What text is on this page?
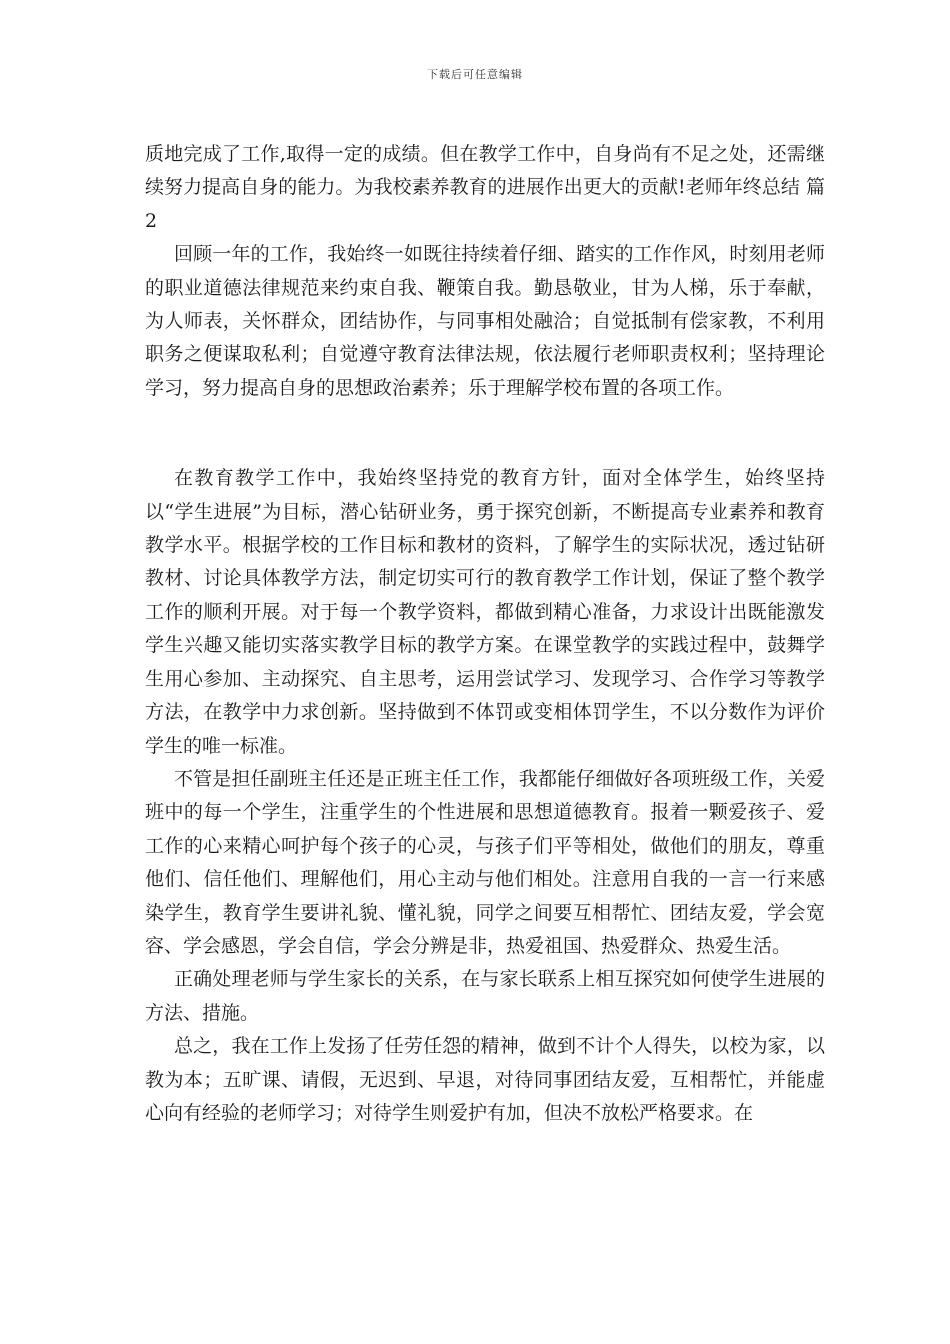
下载后可任意编辑

质地完成了工作,取得一定的成绩。但在教学工作中，自身尚有不足之处，还需继续努力提高自身的能力。为我校素养教育的进展作出更大的贡献!老师年终总结 篇2

回顾一年的工作，我始终一如既往持续着仔细、踏实的工作作风，时刻用老师的职业道德法律规范来约束自我、鞭策自我。勤恳敬业，甘为人梯，乐于奉献，为人师表，关怀群众，团结协作，与同事相处融洽；自觉抵制有偿家教，不利用职务之便谋取私利；自觉遵守教育法律法规，依法履行老师职责权利；坚持理论学习，努力提高自身的思想政治素养；乐于理解学校布置的各项工作。

在教育教学工作中，我始终坚持党的教育方针，面对全体学生，始终坚持以“学生进展”为目标，潜心钻研业务，勇于探究创新，不断提高专业素养和教育教学水平。根据学校的工作目标和教材的资料，了解学生的实际状况，透过钻研教材、讨论具体教学方法，制定切实可行的教育教学工作计划，保证了整个教学工作的顺利开展。对于每一个教学资料，都做到精心准备，力求设计出既能激发学生兴趣又能切实落实教学目标的教学方案。在课堂教学的实践过程中，鼓舞学生用心参加、主动探究、自主思考，运用尝试学习、发现学习、合作学习等教学方法，在教学中力求创新。坚持做到不体罚或变相体罚学生，不以分数作为评价学生的唯一标准。

不管是担任副班主任还是正班主任工作，我都能仔细做好各项班级工作，关爱班中的每一个学生，注重学生的个性进展和思想道德教育。报着一颗爱孩子、爱工作的心来精心呵护每个孩子的心灵，与孩子们平等相处，做他们的朋友，尊重他们、信任他们、理解他们，用心主动与他们相处。注意用自我的一言一行来感染学生，教育学生要讲礼貌、懂礼貌，同学之间要互相帮忙、团结友爱，学会宽容、学会感恩，学会自信，学会分辨是非，热爱祖国、热爱群众、热爱生活。

正确处理老师与学生家长的关系，在与家长联系上相互探究如何使学生进展的方法、措施。

总之，我在工作上发扬了任劳任怨的精神，做到不计个人得失，以校为家，以教为本；五旷课、请假，无迟到、早退，对待同事团结友爱，互相帮忙，并能虚心向有经验的老师学习；对待学生则爱护有加，但决不放松严格要求。在
